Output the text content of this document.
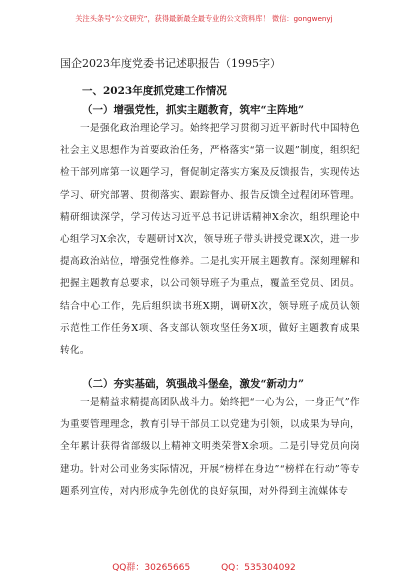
关注头条号“公文研究”，获得最新最全最专业的公文资料库！ 微信：gongwenyj
国企2023年度党委书记述职报告（1995字）
一、2023年度抓党建工作情况
（一）增强党性，抓实主题教育，筑牢“主阵地”
一是强化政治理论学习。始终把学习贯彻习近平新时代中国特色社会主义思想作为首要政治任务，严格落实“第一议题”制度，组织纪检干部列席第一议题学习，督促制定落实方案及反馈报告，实现传达学习、研究部署、贯彻落实、跟踪督办、报告反馈全过程闭环管理。精研细读深学，学习传达习近平总书记讲话精神X余次，组织理论中心组学习X余次，专题研讨X次，领导班子带头讲授党课X次，进一步提高政治站位，增强党性修养。二是扎实开展主题教育。深刻理解和把握主题教育总要求，以公司领导班子为重点，覆盖至党员、团员。结合中心工作，先后组织读书班X期，调研X次，领导班子成员认领示范性工作任务X项、各支部认领攻坚任务X项，做好主题教育成果转化。
（二）夯实基础，筑强战斗堡垒，激发“新动力”
一是精益求精提高团队战斗力。始终把“一心为公，一身正气”作为重要管理理念，教育引导干部员工以党建为引领，以成果为导向，全年累计获得省部级以上精神文明类荣誉X余项。二是引导党员向岗建功。针对公司业务实际情况，开展“榜样在身边”“榜样在行动”等专题系列宣传，对内形成争先创优的良好氛围，对外得到主流媒体专
QQ群：30265665	QQ：535304092
